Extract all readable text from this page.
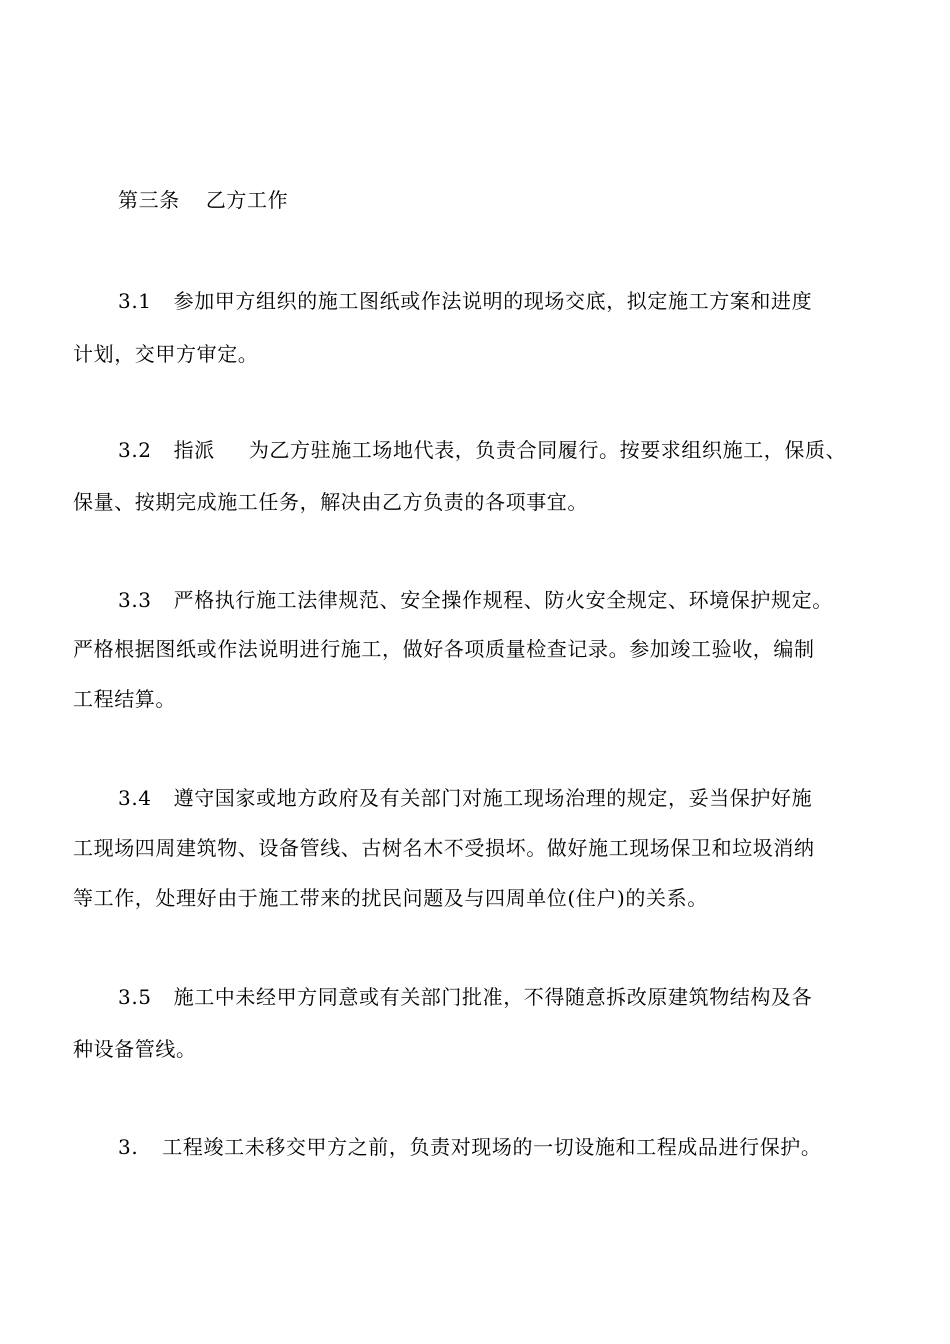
第三条 乙方工作
3.1 参加甲方组织的施工图纸或作法说明的现场交底，拟定施工方案和进度
计划，交甲方审定。
3.2 指派 为乙方驻施工场地代表，负责合同履行。按要求组织施工，保质、
保量、按期完成施工任务，解决由乙方负责的各项事宜。
3.3 严格执行施工法律规范、安全操作规程、防火安全规定、环境保护规定。
严格根据图纸或作法说明进行施工，做好各项质量检查记录。参加竣工验收，编制
工程结算。
3.4 遵守国家或地方政府及有关部门对施工现场治理的规定，妥当保护好施
工现场四周建筑物、设备管线、古树名木不受损坏。做好施工现场保卫和垃圾消纳
等工作，处理好由于施工带来的扰民问题及与四周单位(住户)的关系。
3.5 施工中未经甲方同意或有关部门批准，不得随意拆改原建筑物结构及各
种设备管线。
3. 工程竣工未移交甲方之前，负责对现场的一切设施和工程成品进行保护。
